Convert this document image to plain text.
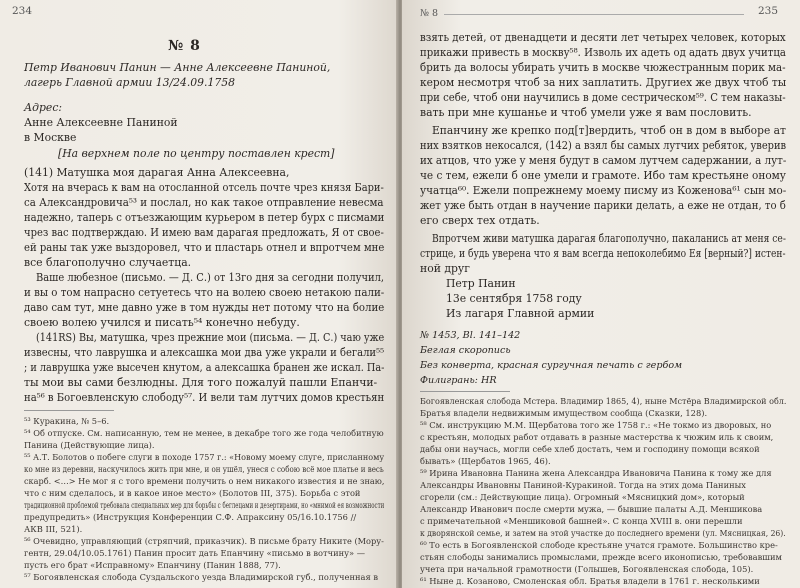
234
№ 8
Петр Иванович Панин — Анне Алексеевне Паниной,
лагерь Главной армии 13/24.09.1758
Адрес:
Анне Алексеевне Паниной
в Москве
[На верхнем поле по центру поставлен крест]
(141) Матушка моя дарагая Анна Алексеевна,
Хотя на вчерась к вам на отосланной отсель почте чрез князя Бари-
са Александровича⁵³ и послал, но как такое отправление невесма
надежно, таперь с отъезжающим курьером в петер бурх с писмами
чрез вас подтверждаю. И имею вам дарагая предложать, Я от свое-
ей раны так уже выздоровел, что и пластарь отнел и впротчем мне
все благополучно случаетца.
Ваше любезное (письмо. — Д. С.) от 13го дня за сегодни получил,
и вы о том напрасно сетуетесь что на волею своею нетакою пали-
даво сам тут, мне давно уже в том нужды нет потому что на болие
своею волею учился и писать⁵⁴ конечно небуду.
(141RS) Вы, матушка, чрез прежние мои (письма. — Д. С.) чаю уже
извесны, что лаврушка и алексашка мои два уже украли и бегали⁵⁵
; и лаврушка уже высечен кнутом, а алексашка бранен же искал. Па-
ты мои вы сами безлюдны. Для того пожалуй пашли Епанчи-
на⁵⁶ в Богоевленскую слободу⁵⁷. И вели там лутчих домов крестьян
⁵³ Куракина, № 5–6.
⁵⁴ Об отпуске. См. написанную, тем не менее, в декабре того же года челобитную
Панина (Действующие лица).
⁵⁵ А.Т. Болотов о побеге слуги в походе 1757 г.: «Новому моему слуге, присланному
ко мне из деревни, наскучилось жить при мне, и он ушёл, унеся с собою всё мое платье и весь
скарб. <…> Не мог я с того времени получить о нем никакого известия и не знаю,
что с ним сделалось, и в какое иное место» (Болотов III, 375). Борьба с этой
традиционной проблемой требовала специальных мер для борьбы с беглецами и дезертирами, но «мнимой ея возможности
предупредить» (Инструкция Конференции С.Ф. Апраксину 05/16.10.1756 //
АКВ III, 521).
⁵⁶ Очевидно, управляющий (стряпчий, приказчик). В письме брату Никите (Мору-
гентн, 29.04/10.05.1761) Панин просит дать Епанчину «письмо в вотчину» —
пусть его брат «Исправному» Епанчину (Панин 1888, 77).
⁵⁷ Богоявленская слобода Суздальского уезда Владимирской губ., полученная в
№ 8	235
взять детей, от двенадцети и десяти лет четырех человек, которых
прикажи привесть в москву⁵⁸. Изволь их адеть од адать двух учитца
брить да волосы убирать учить в москве чюжестранным порик ма-
кером несмотря чтоб за них заплатить. Другиех же двух чтоб ты
при себе, чтоб они научились в доме сестрическом⁵⁹. С тем наказы-
вать при мне кушанье и чтоб умели уже я вам пословить.
Епанчину же крепко под[т]вердить, чтоб он в дом в выборе ат
них взятков некосался, (142) а взял бы самых лутчих ребяток, уверив
их атцов, что уже у меня будут в самом лутчем садержании, а лут-
че с тем, ежели б оне умели и грамоте. Ибо там крестьяне оному
учатца⁶⁰. Ежели попрежнему моему писму из Коженова⁶¹ сын мо-
жет уже быть отдан в научение парики делать, а еже не отдан, то б
его сверх тех отдать.
Впротчем живи матушка дарагая благополучно, пакаланись ат меня се-
стрице, и будь уверена что я вам всегда непоколебимо Ея [верный?] истен-
ной друг
Петр Панин
13е сентября 1758 году
Из лагаря Главной армии
№ 1453, Вl. 141–142
Беглая скоропись
Без конверта, красная сургучная печать с гербом
Филигрань: HR
Богоявленская слобода Мстера. Владимир 1865, 4), ныне Мстёра Владимирской обл.
Братья владели недвижимым имуществом сообща (Сказки, 128).
⁵⁸ См. инструкцию М.М. Щербатова того же 1758 г.: «Не токмо из дворовых, но
с крестьян, молодых работ отдавать в разные мастерства к чюжим иль к своим,
дабы они научась, могли себе хлеб достать, чем и господину помощи всякой
бывать» (Щербатов 1965, 46).
⁵⁹ Ирина Ивановна Панина жена Александра Ивановича Панина к тому же для
Александры Ивановны Паниной-Куракиной. Тогда на этих дома Паниных
сгорели (см.: Действующие лица). Огромный «Мясницкий дом», который
Александр Иванович после смерти мужа, — бывшие палаты А.Д. Меншикова
с примечательной «Меншиковой башней». С конца XVIII в. они перешли
к дворянской семье, и затем на этой участке до последнего времени (ул. Мясницкая, 26).
⁶⁰ То есть в Богоявленской слободе крестьяне учатся грамоте. Большинство кре-
стьян слободы занимались промыслами, прежде всего иконописью, требовавшим
учета при начальной грамотности (Голышев, Богоявленская слобода, 105).
⁶¹ Ныне д. Козаново, Смоленская обл. Братья владели в 1761 г. несколькими
